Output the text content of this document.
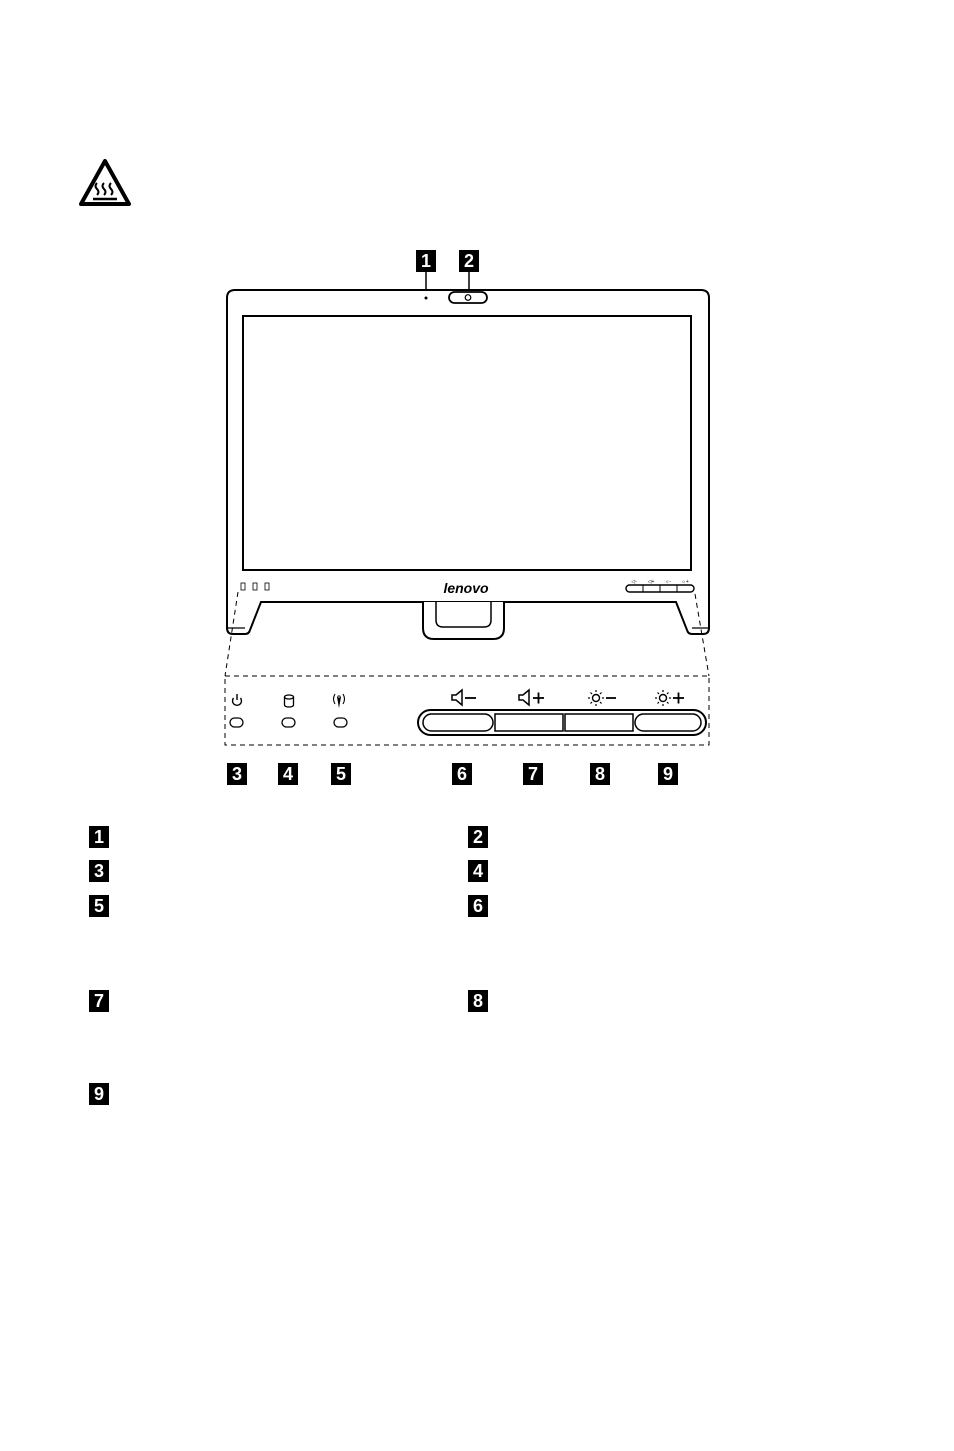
1 2
lenovo	◁- ◁+ ☼- ☼+
3 4 5	6	7	8	9
1	2
3	4
5	6
7	8
9
